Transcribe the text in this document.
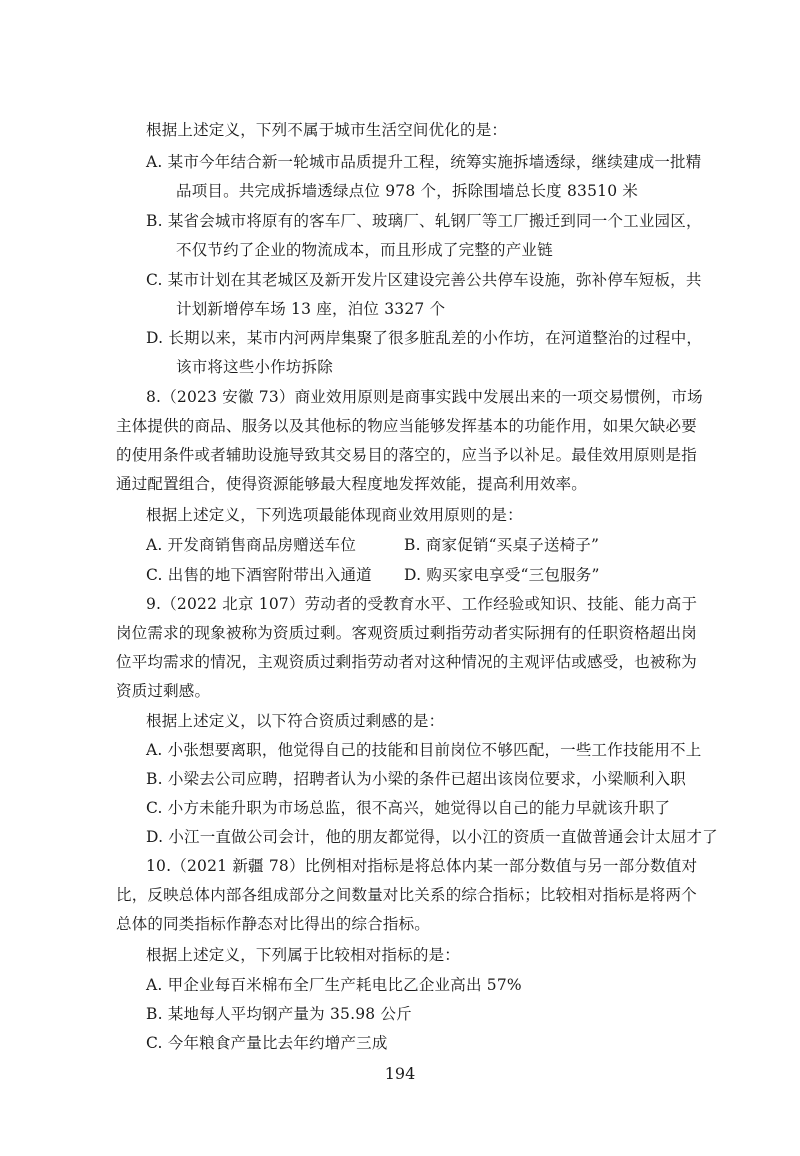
根据上述定义，下列不属于城市生活空间优化的是：
A. 某市今年结合新一轮城市品质提升工程，统筹实施拆墙透绿，继续建成一批精
品项目。共完成拆墙透绿点位 978 个，拆除围墙总长度 83510 米
B. 某省会城市将原有的客车厂、玻璃厂、轧钢厂等工厂搬迁到同一个工业园区，
不仅节约了企业的物流成本，而且形成了完整的产业链
C. 某市计划在其老城区及新开发片区建设完善公共停车设施，弥补停车短板，共
计划新增停车场 13 座，泊位 3327 个
D. 长期以来，某市内河两岸集聚了很多脏乱差的小作坊，在河道整治的过程中，
该市将这些小作坊拆除
8.（2023 安徽 73）商业效用原则是商事实践中发展出来的一项交易惯例，市场
主体提供的商品、服务以及其他标的物应当能够发挥基本的功能作用，如果欠缺必要
的使用条件或者辅助设施导致其交易目的落空的，应当予以补足。最佳效用原则是指
通过配置组合，使得资源能够最大程度地发挥效能，提高利用效率。
根据上述定义，下列选项最能体现商业效用原则的是：
A. 开发商销售商品房赠送车位	B. 商家促销“买桌子送椅子”
C. 出售的地下酒窖附带出入通道 D. 购买家电享受“三包服务”
9.（2022 北京 107）劳动者的受教育水平、工作经验或知识、技能、能力高于
岗位需求的现象被称为资质过剩。客观资质过剩指劳动者实际拥有的任职资格超出岗
位平均需求的情况，主观资质过剩指劳动者对这种情况的主观评估或感受，也被称为
资质过剩感。
根据上述定义，以下符合资质过剩感的是：
A. 小张想要离职，他觉得自己的技能和目前岗位不够匹配，一些工作技能用不上
B. 小梁去公司应聘，招聘者认为小梁的条件已超出该岗位要求，小梁顺利入职
C. 小方未能升职为市场总监，很不高兴，她觉得以自己的能力早就该升职了
D. 小江一直做公司会计，他的朋友都觉得，以小江的资质一直做普通会计太屈才了
10.（2021 新疆 78）比例相对指标是将总体内某一部分数值与另一部分数值对
比，反映总体内部各组成部分之间数量对比关系的综合指标；比较相对指标是将两个
总体的同类指标作静态对比得出的综合指标。
根据上述定义，下列属于比较相对指标的是：
A. 甲企业每百米棉布全厂生产耗电比乙企业高出 57%
B. 某地每人平均钢产量为 35.98 公斤
C. 今年粮食产量比去年约增产三成
194
